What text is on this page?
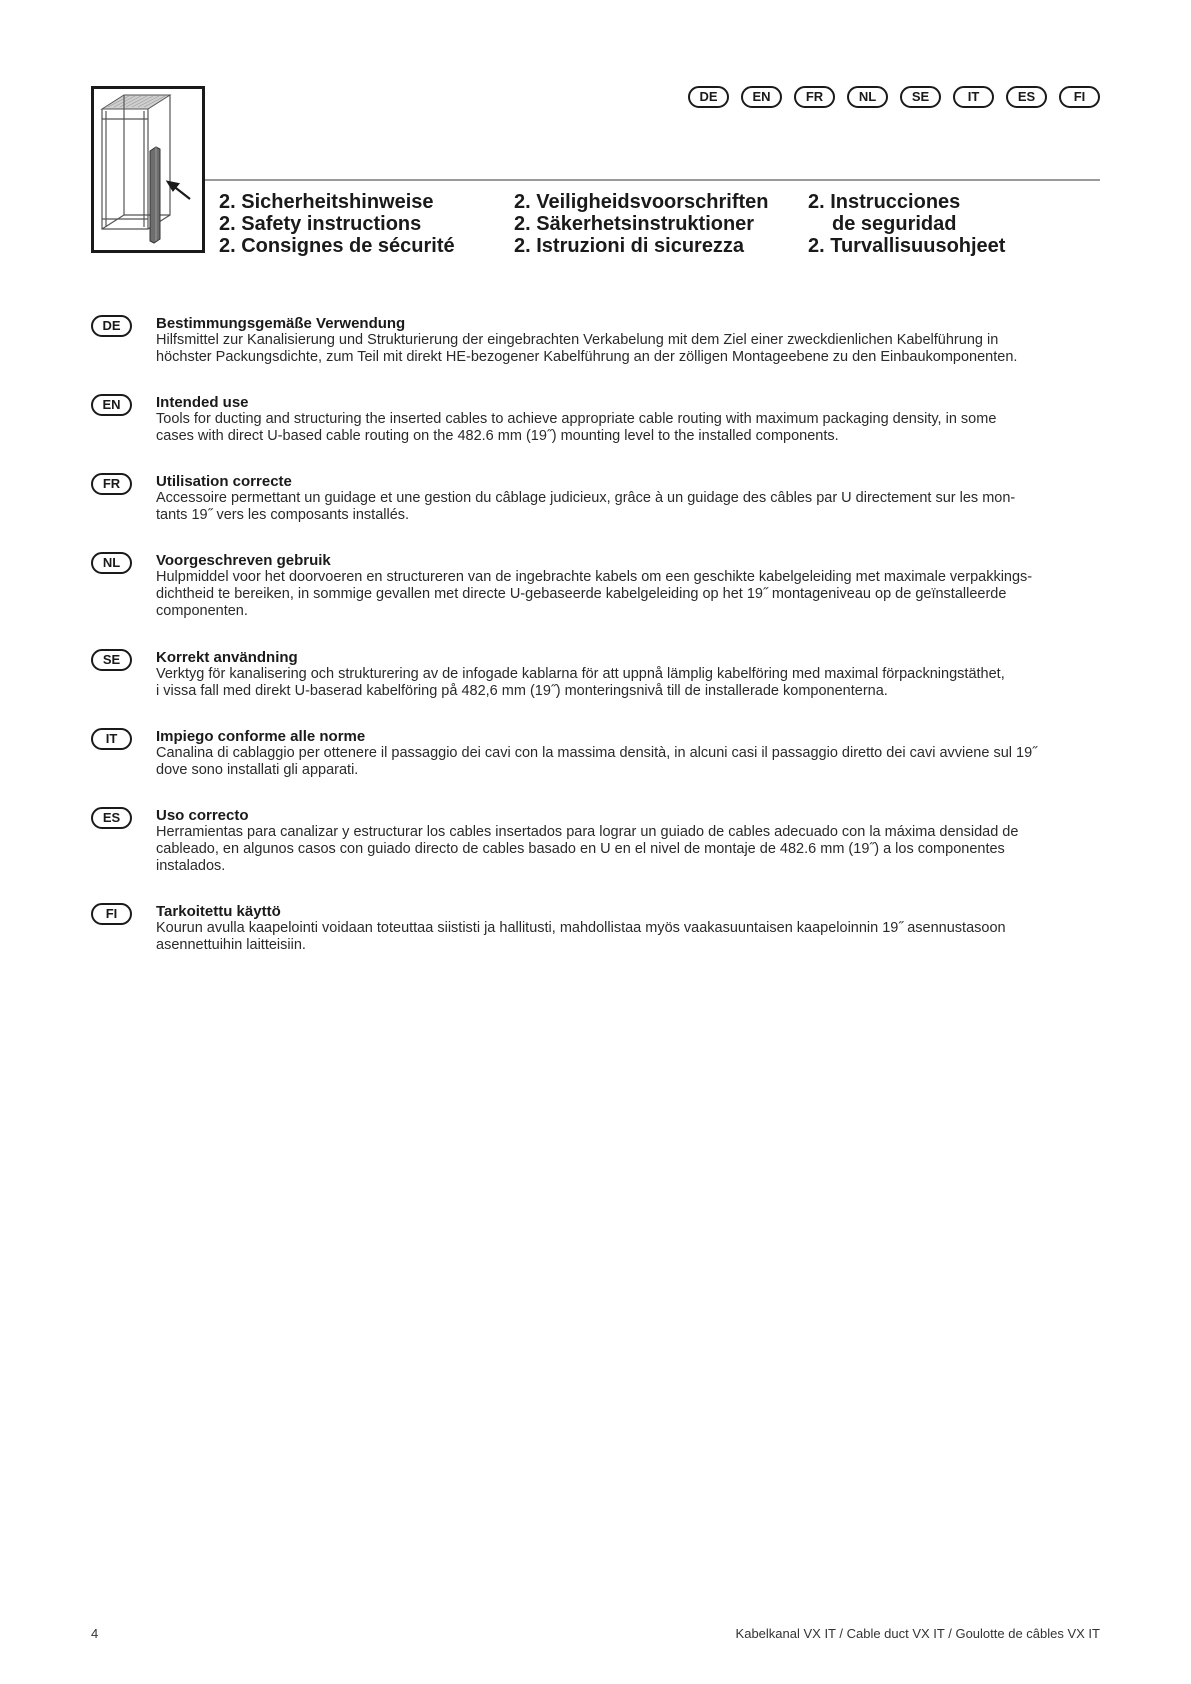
DE	EN	FR	NL	SE	IT	ES	FI
2. Sicherheitshinweise
2. Safety instructions
2. Consignes de sécurité
2. Veiligheidsvoorschriften
2. Säkerhetsinstruktioner
2. Istruzioni di sicurezza
2. Instrucciones
de seguridad
2. Turvallisuusohjeet
DE	Bestimmungsgemäße Verwendung
Hilfsmittel zur Kanalisierung und Strukturierung der eingebrachten Verkabelung mit dem Ziel einer zweckdienlichen Kabelführung in
höchster Packungsdichte, zum Teil mit direkt HE-bezogener Kabelführung an der zölligen Montageebene zu den Einbaukomponenten.
EN	Intended use
Tools for ducting and structuring the inserted cables to achieve appropriate cable routing with maximum packaging density, in some
cases with direct U-based cable routing on the 482.6 mm (19˝) mounting level to the installed components.
FR	Utilisation correcte
Accessoire permettant un guidage et une gestion du câblage judicieux, grâce à un guidage des câbles par U directement sur les mon-
tants 19˝ vers les composants installés.
NL	Voorgeschreven gebruik
Hulpmiddel voor het doorvoeren en structureren van de ingebrachte kabels om een geschikte kabelgeleiding met maximale verpakkings-
dichtheid te bereiken, in sommige gevallen met directe U-gebaseerde kabelgeleiding op het 19˝ montageniveau op de geïnstalleerde
componenten.
SE	Korrekt användning
Verktyg för kanalisering och strukturering av de infogade kablarna för att uppnå lämplig kabelföring med maximal förpackningstäthet,
i vissa fall med direkt U-baserad kabelföring på 482,6 mm (19˝) monteringsnivå till de installerade komponenterna.
IT	Impiego conforme alle norme
Canalina di cablaggio per ottenere il passaggio dei cavi con la massima densità, in alcuni casi il passaggio diretto dei cavi avviene sul 19˝
dove sono installati gli apparati.
ES	Uso correcto
Herramientas para canalizar y estructurar los cables insertados para lograr un guiado de cables adecuado con la máxima densidad de
cableado, en algunos casos con guiado directo de cables basado en U en el nivel de montaje de 482.6 mm (19˝) a los componentes
instalados.
FI	Tarkoitettu käyttö
Kourun avulla kaapelointi voidaan toteuttaa siististi ja hallitusti, mahdollistaa myös vaakasuuntaisen kaapeloinnin 19˝ asennustasoon
asennettuihin laitteisiin.
4	Kabelkanal VX IT / Cable duct VX IT / Goulotte de câbles VX IT
